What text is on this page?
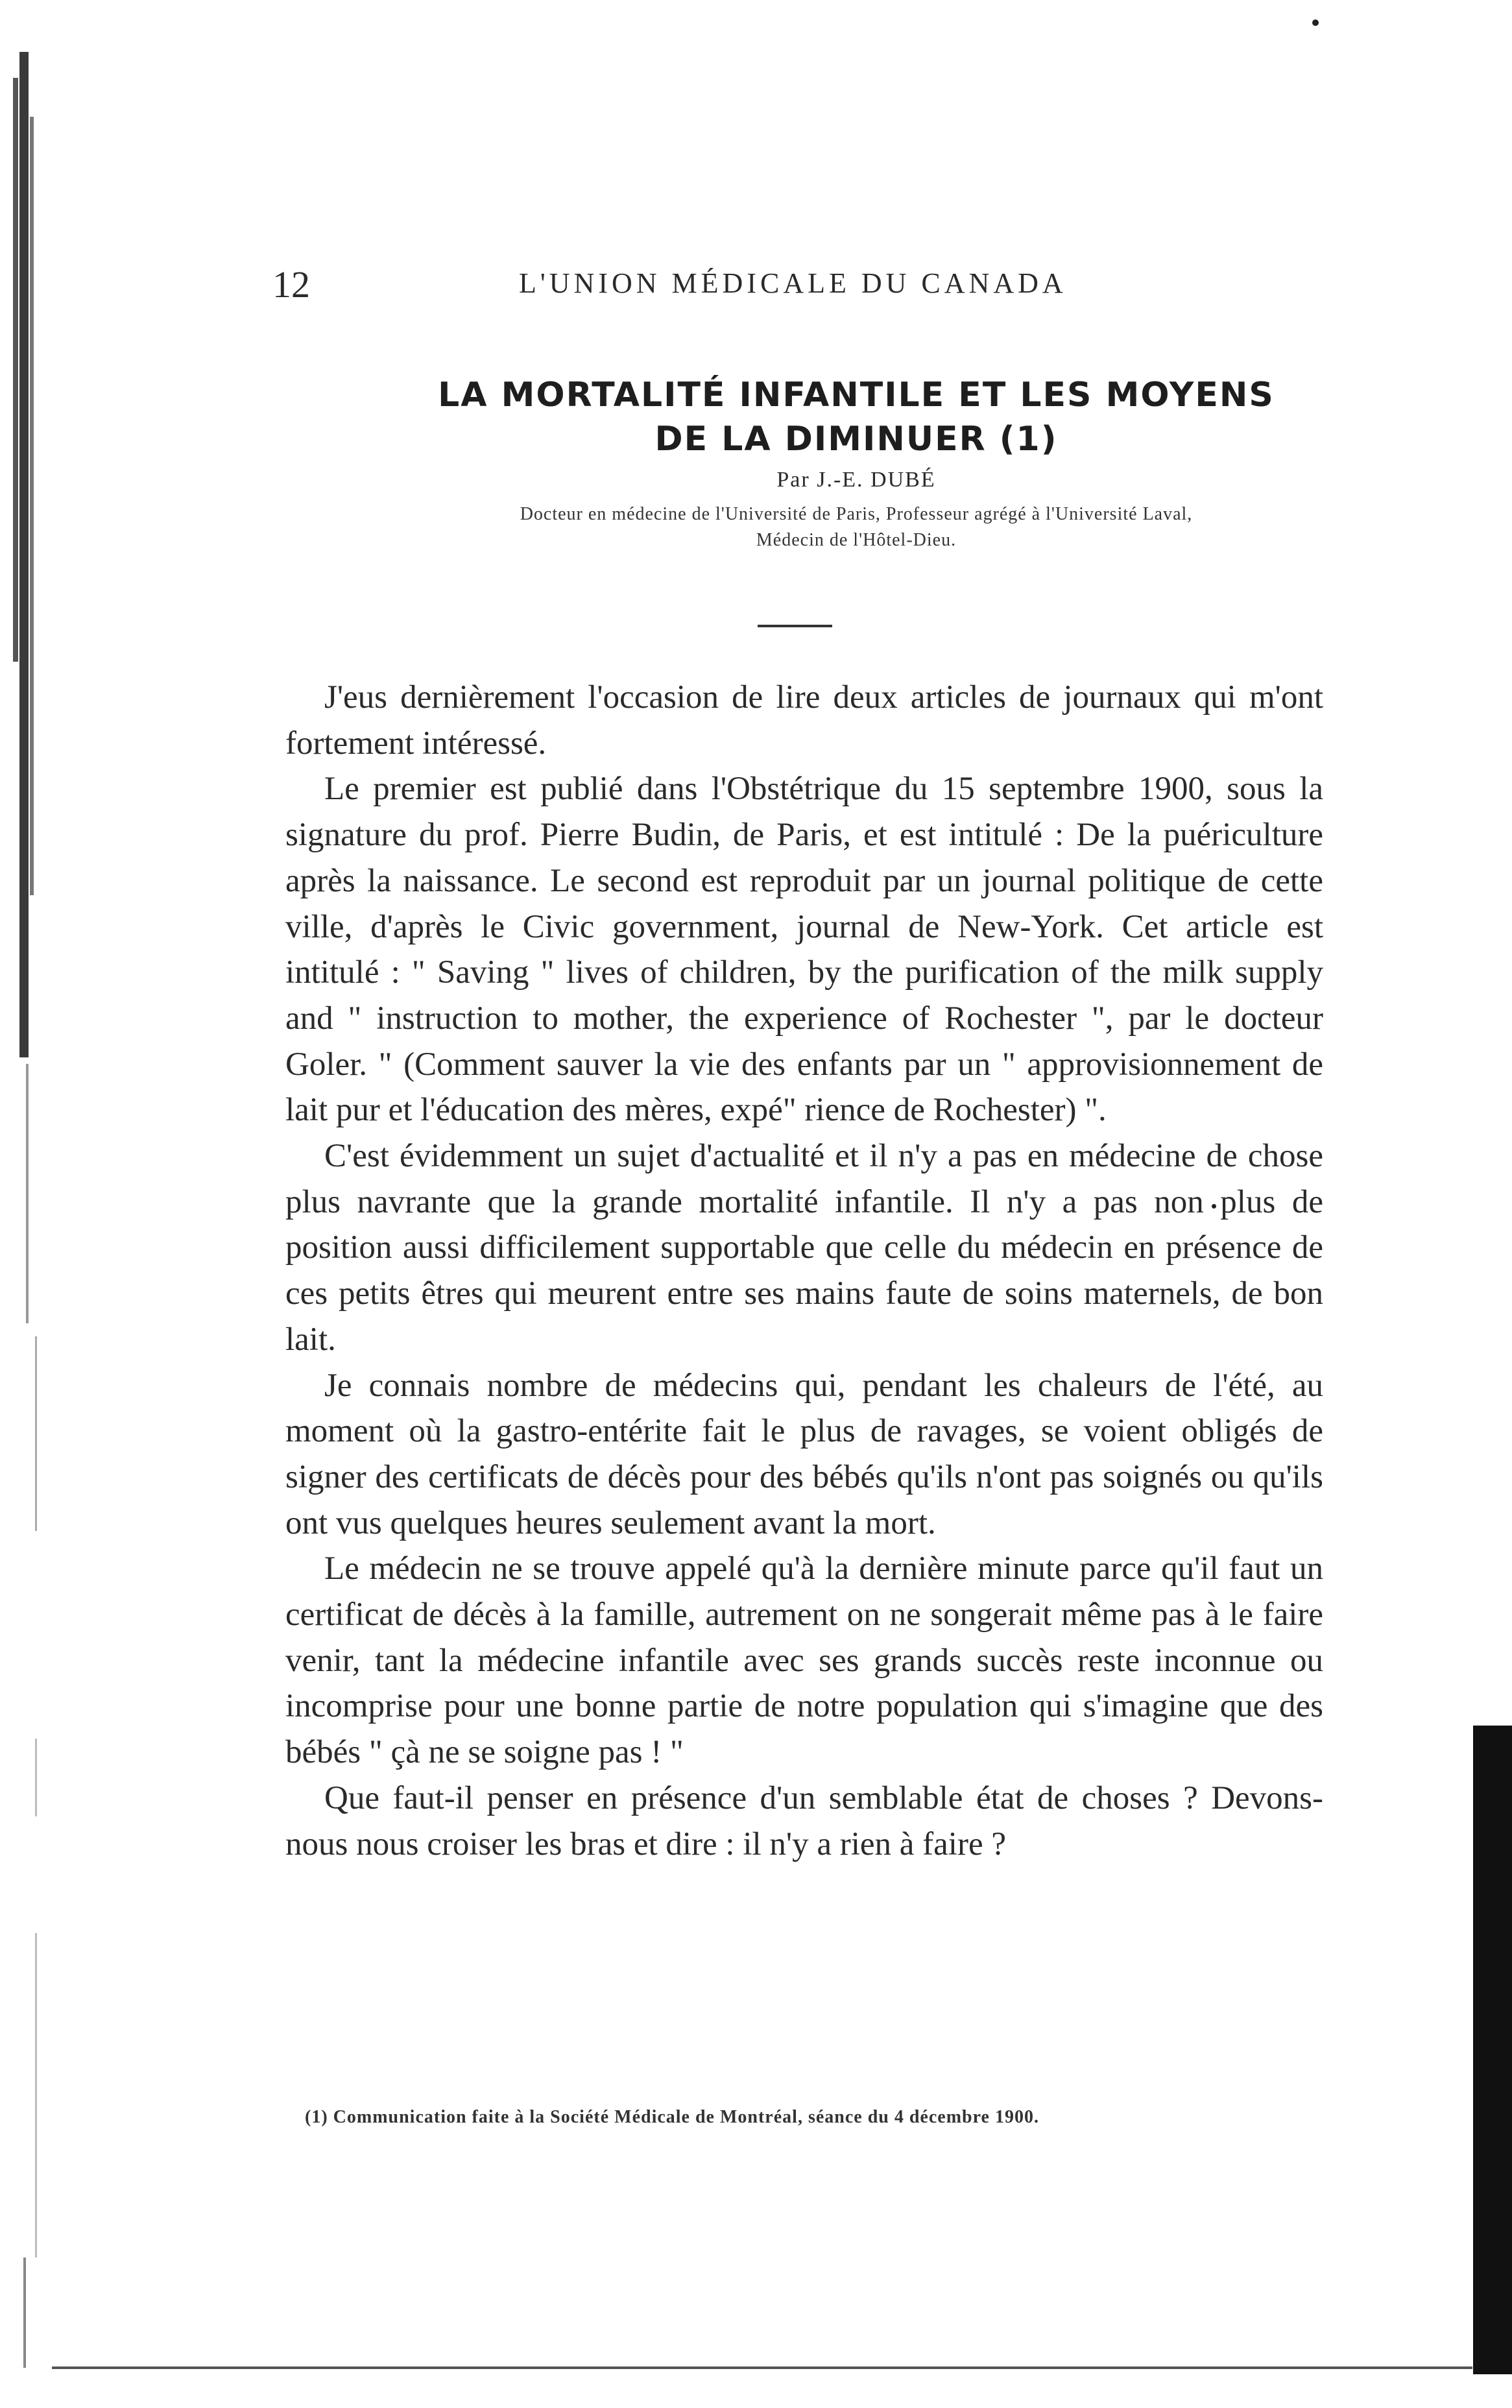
12	L'UNION MÉDICALE DU CANADA
LA MORTALITÉ INFANTILE ET LES MOYENS
DE LA DIMINUER (1)
Par J.-E. DUBÉ
Docteur en médecine de l'Université de Paris, Professeur agrégé à l'Université Laval,
Médecin de l'Hôtel-Dieu.

J'eus dernièrement l'occasion de lire deux articles de journaux qui m'ont fortement intéressé.

Le premier est publié dans l'Obstétrique du 15 septembre 1900, sous la signature du prof. Pierre Budin, de Paris, et est intitulé : De la puériculture après la naissance. Le second est reproduit par un journal politique de cette ville, d'après le Civic government, journal de New-York. Cet article est intitulé : " Saving " lives of children, by the purification of the milk supply and " instruction to mother, the experience of Rochester ", par le docteur Goler. " (Comment sauver la vie des enfants par un " approvisionnement de lait pur et l'éducation des mères, expé" rience de Rochester) ".

C'est évidemment un sujet d'actualité et il n'y a pas en médecine de chose plus navrante que la grande mortalité infantile. Il n'y a pas non plus de position aussi difficilement supportable que celle du médecin en présence de ces petits êtres qui meurent entre ses mains faute de soins maternels, de bon lait.

Je connais nombre de médecins qui, pendant les chaleurs de l'été, au moment où la gastro-entérite fait le plus de ravages, se voient obligés de signer des certificats de décès pour des bébés qu'ils n'ont pas soignés ou qu'ils ont vus quelques heures seulement avant la mort.

Le médecin ne se trouve appelé qu'à la dernière minute parce qu'il faut un certificat de décès à la famille, autrement on ne songerait même pas à le faire venir, tant la médecine infantile avec ses grands succès reste inconnue ou incomprise pour une bonne partie de notre population qui s'imagine que des bébés " çà ne se soigne pas ! "

Que faut-il penser en présence d'un semblable état de choses ? Devons-nous nous croiser les bras et dire : il n'y a rien à faire ?

(1) Communication faite à la Société Médicale de Montréal, séance du 4 décembre 1900.
